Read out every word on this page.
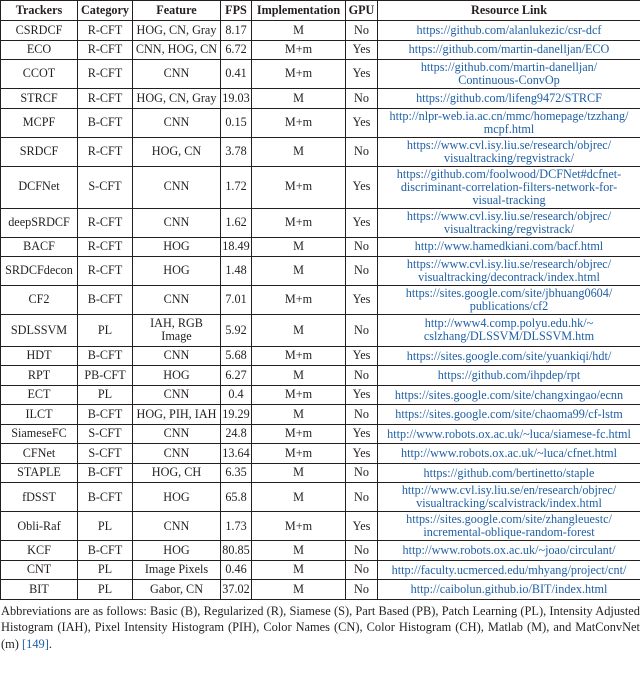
Trackers	Category	Feature	FPS	Implementation	GPU	Resource Link
CSRDCF	R-CFT	HOG, CN, Gray	8.17	M	No	https://github.com/alanlukezic/csr-dcf
ECO	R-CFT	CNN, HOG, CN	6.72	M+m	Yes	https://github.com/martin-danelljan/ECO
CCOT	R-CFT	CNN	0.41	M+m	Yes	https://github.com/martin-danelljan/
Continuous-ConvOp
STRCF	R-CFT	HOG, CN, Gray	19.03	M	No	https://github.com/lifeng9472/STRCF
MCPF	B-CFT	CNN	0.15	M+m	Yes	http://nlpr-web.ia.ac.cn/mmc/homepage/tzzhang/
mcpf.html
SRDCF	R-CFT	HOG, CN	3.78	M	No	https://www.cvl.isy.liu.se/research/objrec/
visualtracking/regvistrack/
DCFNet	S-CFT	CNN	1.72	M+m	Yes	https://github.com/foolwood/DCFNet#dcfnet-
discriminant-correlation-filters-network-for-
visual-tracking
deepSRDCF	R-CFT	CNN	1.62	M+m	Yes	https://www.cvl.isy.liu.se/research/objrec/
visualtracking/regvistrack/
BACF	R-CFT	HOG	18.49	M	No	http://www.hamedkiani.com/bacf.html
SRDCFdecon	R-CFT	HOG	1.48	M	No	https://www.cvl.isy.liu.se/research/objrec/
visualtracking/decontrack/index.html
CF2	B-CFT	CNN	7.01	M+m	Yes	https://sites.google.com/site/jbhuang0604/
publications/cf2
SDLSSVM	PL	IAH, RGB Image	5.92	M	No	http://www4.comp.polyu.edu.hk/~
cslzhang/DLSSVM/DLSSVM.htm
HDT	B-CFT	CNN	5.68	M+m	Yes	https://sites.google.com/site/yuankiqi/hdt/
RPT	PB-CFT	HOG	6.27	M	No	https://github.com/ihpdep/rpt
ECT	PL	CNN	0.4	M+m	Yes	https://sites.google.com/site/changxingao/ecnn
ILCT	B-CFT	HOG, PIH, IAH	19.29	M	No	https://sites.google.com/site/chaoma99/cf-lstm
SiameseFC	S-CFT	CNN	24.8	M+m	Yes	http://www.robots.ox.ac.uk/~luca/siamese-fc.html
CFNet	S-CFT	CNN	13.64	M+m	Yes	http://www.robots.ox.ac.uk/~luca/cfnet.html
STAPLE	B-CFT	HOG, CH	6.35	M	No	https://github.com/bertinetto/staple
fDSST	B-CFT	HOG	65.8	M	No	http://www.cvl.isy.liu.se/en/research/objrec/
visualtracking/scalvistrack/index.html
Obli-Raf	PL	CNN	1.73	M+m	Yes	https://sites.google.com/site/zhangleuestc/
incremental-oblique-random-forest
KCF	B-CFT	HOG	80.85	M	No	http://www.robots.ox.ac.uk/~joao/circulant/
CNT	PL	Image Pixels	0.46	M	No	http://faculty.ucmerced.edu/mhyang/project/cnt/
BIT	PL	Gabor, CN	37.02	M	No	http://caibolun.github.io/BIT/index.html

Abbreviations are as follows: Basic (B), Regularized (R), Siamese (S), Part Based (PB), Patch Learning (PL), Intensity Adjusted Histogram (IAH), Pixel Intensity Histogram (PIH), Color Names (CN), Color Histogram (CH), Matlab (M), and MatConvNet (m) [149].
